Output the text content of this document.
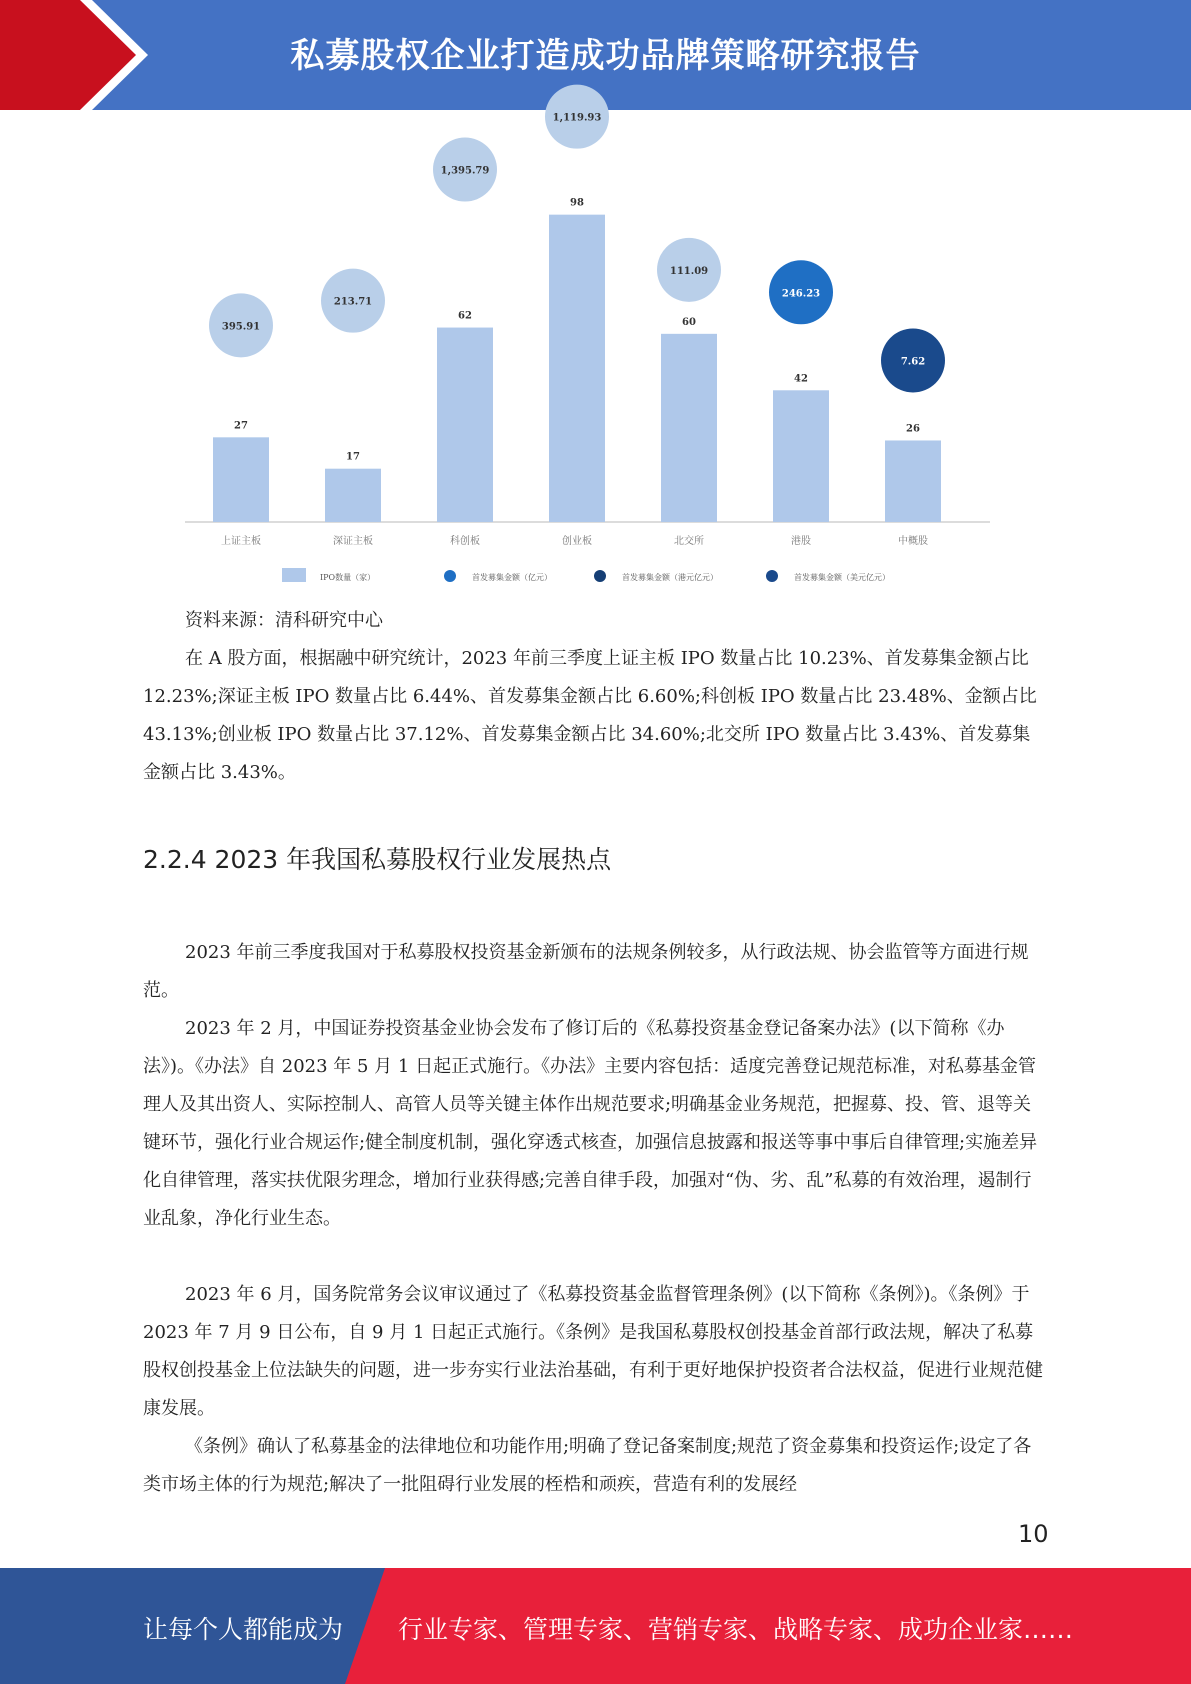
私募股权企业打造成功品牌策略研究报告
27
上证主板
395.91
17
深证主板
213.71
62
科创板
1,395.79
98
创业板
1,119.93
60
北交所
111.09
42
港股
246.23
26
中概股
7.62
IPO数量（家）	首发募集金额（亿元）	首发募集金额（港元亿元）	首发募集金额（美元亿元）
资料来源：清科研究中心

在 A 股方面，根据融中研究统计，2023 年前三季度上证主板 IPO 数量占比 10.23%、首发募集金额占比 12.23%;深证主板 IPO 数量占比 6.44%、首发募集金额占比 6.60%;科创板 IPO 数量占比 23.48%、金额占比 43.13%;创业板 IPO 数量占比 37.12%、首发募集金额占比 34.60%;北交所 IPO 数量占比 3.43%、首发募集金额占比 3.43%。

2.2.4 2023 年我国私募股权行业发展热点

2023 年前三季度我国对于私募股权投资基金新颁布的法规条例较多，从行政法规、协会监管等方面进行规范。

2023 年 2 月，中国证券投资基金业协会发布了修订后的《私募投资基金登记备案办法》(以下简称《办法》)。《办法》自 2023 年 5 月 1 日起正式施行。《办法》主要内容包括：适度完善登记规范标准，对私募基金管理人及其出资人、实际控制人、高管人员等关键主体作出规范要求;明确基金业务规范，把握募、投、管、退等关键环节，强化行业合规运作;健全制度机制，强化穿透式核查，加强信息披露和报送等事中事后自律管理;实施差异化自律管理，落实扶优限劣理念，增加行业获得感;完善自律手段，加强对“伪、劣、乱”私募的有效治理，遏制行业乱象，净化行业生态。

2023 年 6 月，国务院常务会议审议通过了《私募投资基金监督管理条例》(以下简称《条例》)。《条例》于 2023 年 7 月 9 日公布，自 9 月 1 日起正式施行。《条例》是我国私募股权创投基金首部行政法规，解决了私募股权创投基金上位法缺失的问题，进一步夯实行业法治基础，有利于更好地保护投资者合法权益，促进行业规范健康发展。

《条例》确认了私募基金的法律地位和功能作用;明确了登记备案制度;规范了资金募集和投资运作;设定了各类市场主体的行为规范;解决了一批阻碍行业发展的桎梏和顽疾，营造有利的发展经

10
让每个人都能成为 行业专家、管理专家、营销专家、战略专家、成功企业家……
